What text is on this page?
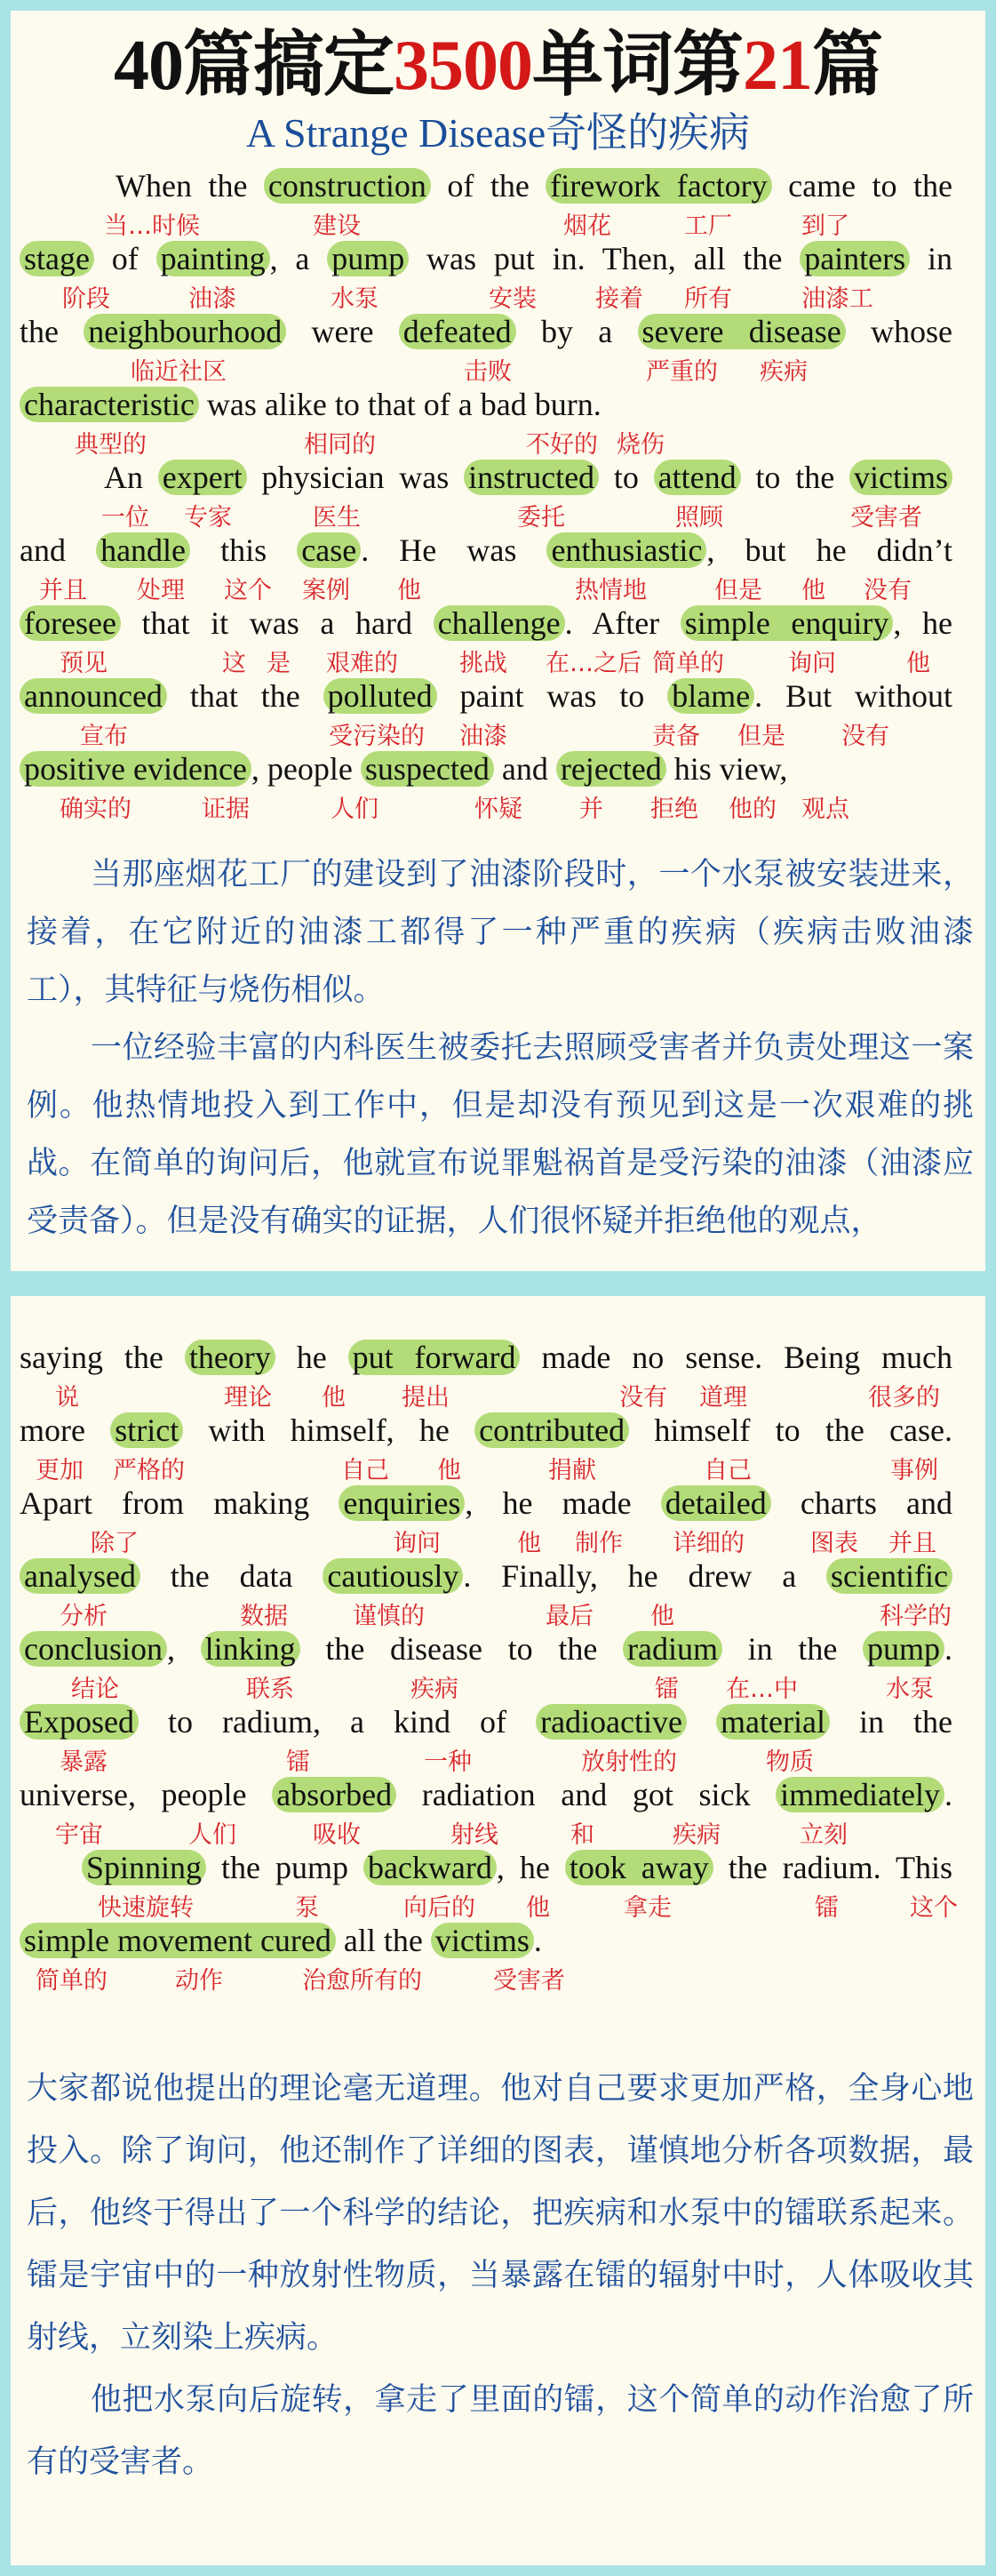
40篇搞定3500单词第21篇
A Strange Disease奇怪的疾病

当那座烟花工厂的建设到了油漆阶段时，一个水泵被安装进来，接着，在它附近的油漆工都得了一种严重的疾病（疾病击败油漆工），其特征与烧伤相似。

一位经验丰富的内科医生被委托去照顾受害者并负责处理这一案例。他热情地投入到工作中，但是却没有预见到这是一次艰难的挑战。在简单的询问后，他就宣布说罪魁祸首是受污染的油漆（油漆应受责备）。但是没有确实的证据，人们很怀疑并拒绝他的观点，

大家都说他提出的理论毫无道理。他对自己要求更加严格，全身心地投入。除了询问，他还制作了详细的图表，谨慎地分析各项数据，最后，他终于得出了一个科学的结论，把疾病和水泵中的镭联系起来。镭是宇宙中的一种放射性物质，当暴露在镭的辐射中时，人体吸收其射线，立刻染上疾病。

他把水泵向后旋转，拿走了里面的镭，这个简单的动作治愈了所有的受害者。

When the construction of the firework factory came to the
stage of painting , a pump was put in. Then, all the painters in
the neighbourhood were defeated by a severe disease whose
characteristic was alike to that of a bad burn.
An expert physician was instructed to attend to the victims
and handle this case . He was enthusiastic , but he didn’t
foresee that it was a hard challenge . After simple enquiry , he
announced that the polluted paint was to blame . But without
positive evidence , people suspected and rejected his view,
saying the theory he put forward made no sense. Being much
more strict with himself, he contributed himself to the case.
Apart from making enquiries , he made detailed charts and
analysed the data cautiously . Finally, he drew a scientific
conclusion , linking the disease to the radium in the pump .
Exposed to radium, a kind of radioactive material in the
universe, people absorbed radiation and got sick immediately .
Spinning the pump backward , he took away the radium. This
simple movement cured all the victims .
当…时候	建设	烟花	工厂	到了
阶段	油漆	水泵	安装 接着 所有	油漆工
临近社区	击败	严重的 疾病
典型的	相同的	不好的 烧伤
一位 专家	医生	委托	照顾	受害者
并且 处理 这个 案例 他	热情地	但是 他 没有
预见	这 是 艰难的	挑战 在…之后 简单的	询问	他
宣布	受污染的 油漆	责备 但是 没有
确实的	证据	人们	怀疑 并 拒绝 他的 观点
说	理论 他 提出	没有 道理	很多的
更加 严格的	自己 他	捐献	自己	事例
除了	询问	他 制作 详细的	图表 并且
分析	数据	谨慎的	最后 他	科学的
结论	联系	疾病	镭 在…中	水泵
暴露	镭	一种	放射性的	物质
宇宙	人们	吸收	射线	和	疾病	立刻
快速旋转	泵	向后的 他	拿走	镭	这个
简单的	动作	治愈所有的	受害者
